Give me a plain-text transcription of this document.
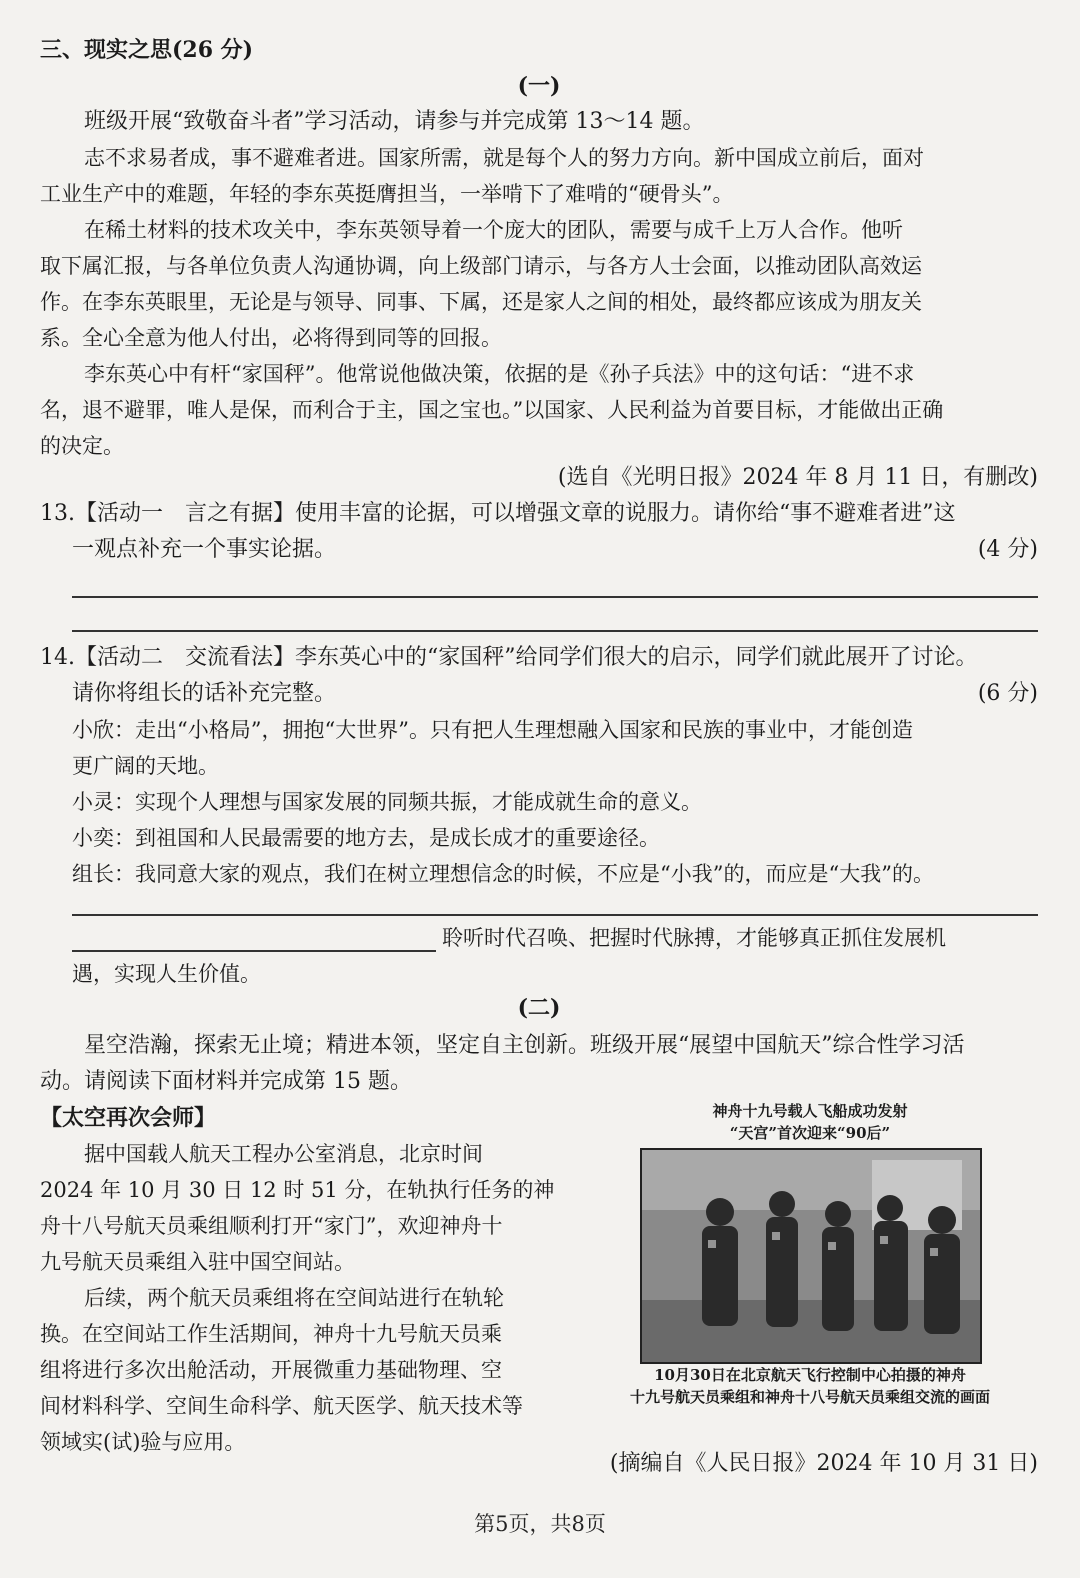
三、现实之思(26 分)
(一)
班级开展“致敬奋斗者”学习活动，请参与并完成第 13～14 题。
志不求易者成，事不避难者进。国家所需，就是每个人的努力方向。新中国成立前后，面对
工业生产中的难题，年轻的李东英挺膺担当，一举啃下了难啃的“硬骨头”。
在稀土材料的技术攻关中，李东英领导着一个庞大的团队，需要与成千上万人合作。他听
取下属汇报，与各单位负责人沟通协调，向上级部门请示，与各方人士会面，以推动团队高效运
作。在李东英眼里，无论是与领导、同事、下属，还是家人之间的相处，最终都应该成为朋友关
系。全心全意为他人付出，必将得到同等的回报。
李东英心中有杆“家国秤”。他常说他做决策，依据的是《孙子兵法》中的这句话：“进不求
名，退不避罪，唯人是保，而利合于主，国之宝也。”以国家、人民利益为首要目标，才能做出正确
的决定。
(选自《光明日报》2024 年 8 月 11 日，有删改)
13.【活动一　言之有据】使用丰富的论据，可以增强文章的说服力。请你给“事不避难者进”这
一观点补充一个事实论据。	(4 分)
14.【活动二　交流看法】李东英心中的“家国秤”给同学们很大的启示，同学们就此展开了讨论。
请你将组长的话补充完整。	(6 分)
小欣：走出“小格局”，拥抱“大世界”。只有把人生理想融入国家和民族的事业中，才能创造
更广阔的天地。
小灵：实现个人理想与国家发展的同频共振，才能成就生命的意义。
小奕：到祖国和人民最需要的地方去，是成长成才的重要途径。
组长：我同意大家的观点，我们在树立理想信念的时候，不应是“小我”的，而应是“大我”的。
聆听时代召唤、把握时代脉搏，才能够真正抓住发展机
遇，实现人生价值。
(二)
星空浩瀚，探索无止境；精进本领，坚定自主创新。班级开展“展望中国航天”综合性学习活
动。请阅读下面材料并完成第 15 题。
【太空再次会师】
据中国载人航天工程办公室消息，北京时间
2024 年 10 月 30 日 12 时 51 分，在轨执行任务的神
舟十八号航天员乘组顺利打开“家门”，欢迎神舟十
九号航天员乘组入驻中国空间站。
后续，两个航天员乘组将在空间站进行在轨轮
换。在空间站工作生活期间，神舟十九号航天员乘
组将进行多次出舱活动，开展微重力基础物理、空
间材料科学、空间生命科学、航天医学、航天技术等
领域实(试)验与应用。
神舟十九号载人飞船成功发射
“天宫”首次迎来“90后”
10月30日在北京航天飞行控制中心拍摄的神舟
十九号航天员乘组和神舟十八号航天员乘组交流的画面
(摘编自《人民日报》2024 年 10 月 31 日)
第5页，共8页
